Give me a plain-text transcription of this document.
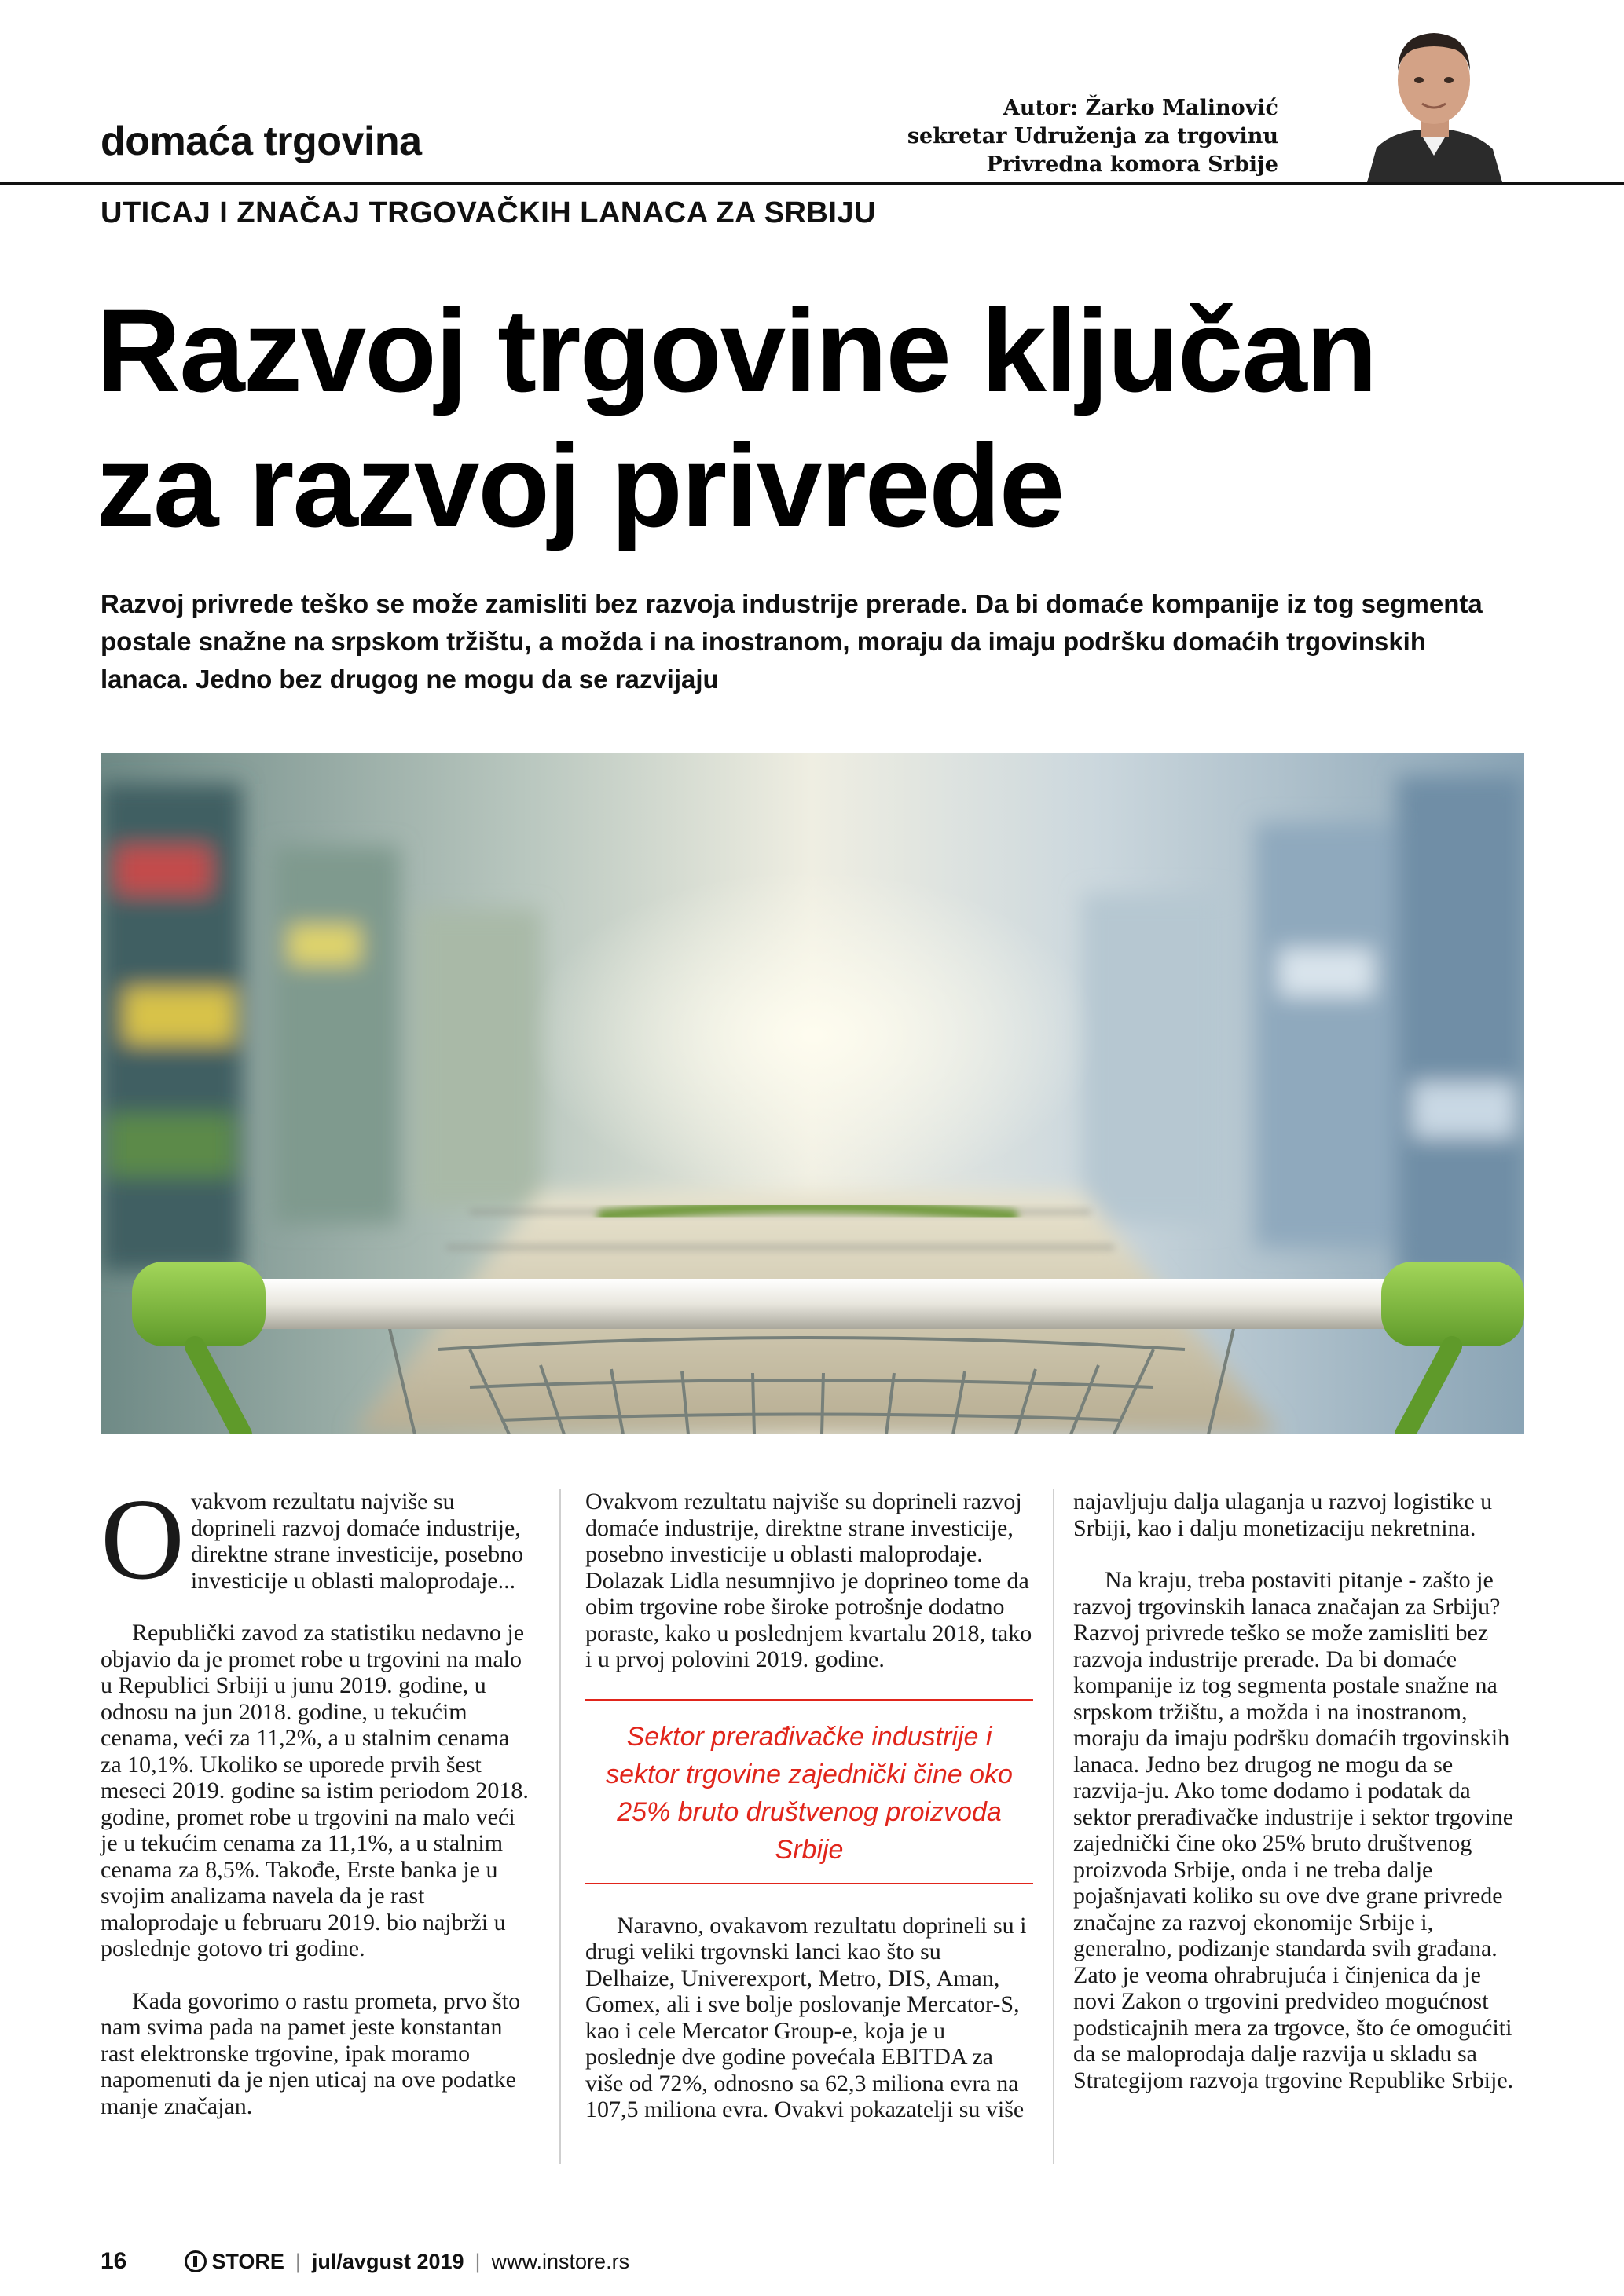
domaća trgovina
Autor: Žarko Malinović
sekretar Udruženja za trgovinu
Privredna komora Srbije
UTICAJ I ZNAČAJ TRGOVAČKIH LANACA ZA SRBIJU
Razvoj trgovine ključan
za razvoj privrede
Razvoj privrede teško se može zamisliti bez razvoja industrije prerade. Da bi domaće kompanije iz tog segmenta postale snažne na srpskom tržištu, a možda i na inostranom, moraju da imaju podršku domaćih trgovinskih lanaca. Jedno bez drugog ne mogu da se razvijaju

Ovakvom rezultatu najviše su doprineli razvoj domaće industrije, direktne strane investicije, posebno investicije u oblasti maloprodaje...

Republički zavod za statistiku nedavno je objavio da je promet robe u trgovini na malo u Republici Srbiji u junu 2019. godine, u odnosu na jun 2018. godine, u tekućim cenama, veći za 11,2%, a u stalnim cenama za 10,1%. Ukoliko se uporede prvih šest meseci 2019. godine sa istim periodom 2018. godine, promet robe u trgovini na malo veći je u tekućim cenama za 11,1%, a u stalnim cenama za 8,5%. Takođe, Erste banka je u svojim analizama navela da je rast maloprodaje u februaru 2019. bio najbrži u poslednje gotovo tri godine.

Kada govorimo o rastu prometa, prvo što nam svima pada na pamet jeste konstantan rast elektronske trgovine, ipak moramo napomenuti da je njen uticaj na ove podatke manje značajan.

Ovakvom rezultatu najviše su doprineli razvoj domaće industrije, direktne strane investicije, posebno investicije u oblasti maloprodaje. Dolazak Lidla nesumnjivo je doprineo tome da obim trgovine robe široke potrošnje dodatno poraste, kako u poslednjem kvartalu 2018, tako i u prvoj polovini 2019. godine.

Sektor prerađivačke industrije i sektor trgovine zajednički čine oko 25% bruto društvenog proizvoda Srbije

Naravno, ovakavom rezultatu doprineli su i drugi veliki trgovnski lanci kao što su Delhaize, Univerexport, Metro, DIS, Aman, Gomex, ali i sve bolje poslovanje Mercator-S, kao i cele Mercator Group-e, koja je u poslednje dve godine povećala EBITDA za više od 72%, odnosno sa 62,3 miliona evra na 107,5 miliona evra. Ovakvi pokazatelji su više

najavljuju dalja ulaganja u razvoj logistike u Srbiji, kao i dalju monetizaciju nekretnina.

Na kraju, treba postaviti pitanje - zašto je razvoj trgovinskih lanaca značajan za Srbiju? Razvoj privrede teško se može zamisliti bez razvoja industrije prerade. Da bi domaće kompanije iz tog segmenta postale snažne na srpskom tržištu, a možda i na inostranom, moraju da imaju podršku domaćih trgovinskih lanaca. Jedno bez drugog ne mogu da se razvija-ju. Ako tome dodamo i podatak da sektor prerađivačke industrije i sektor trgovine zajednički čine oko 25% bruto društvenog proizvoda Srbije, onda i ne treba dalje pojašnjavati koliko su ove dve grane privrede značajne za razvoj ekonomije Srbije i, generalno, podizanje standarda svih građana. Zato je veoma ohrabrujuća i činjenica da je novi Zakon o trgovini predvideo mogućnost podsticajnih mera za trgovce, što će omogućiti da se maloprodaja dalje razvija u skladu sa Strategijom razvoja trgovine Republike Srbije.

16	STORE | jul/avgust 2019 | www.instore.rs
